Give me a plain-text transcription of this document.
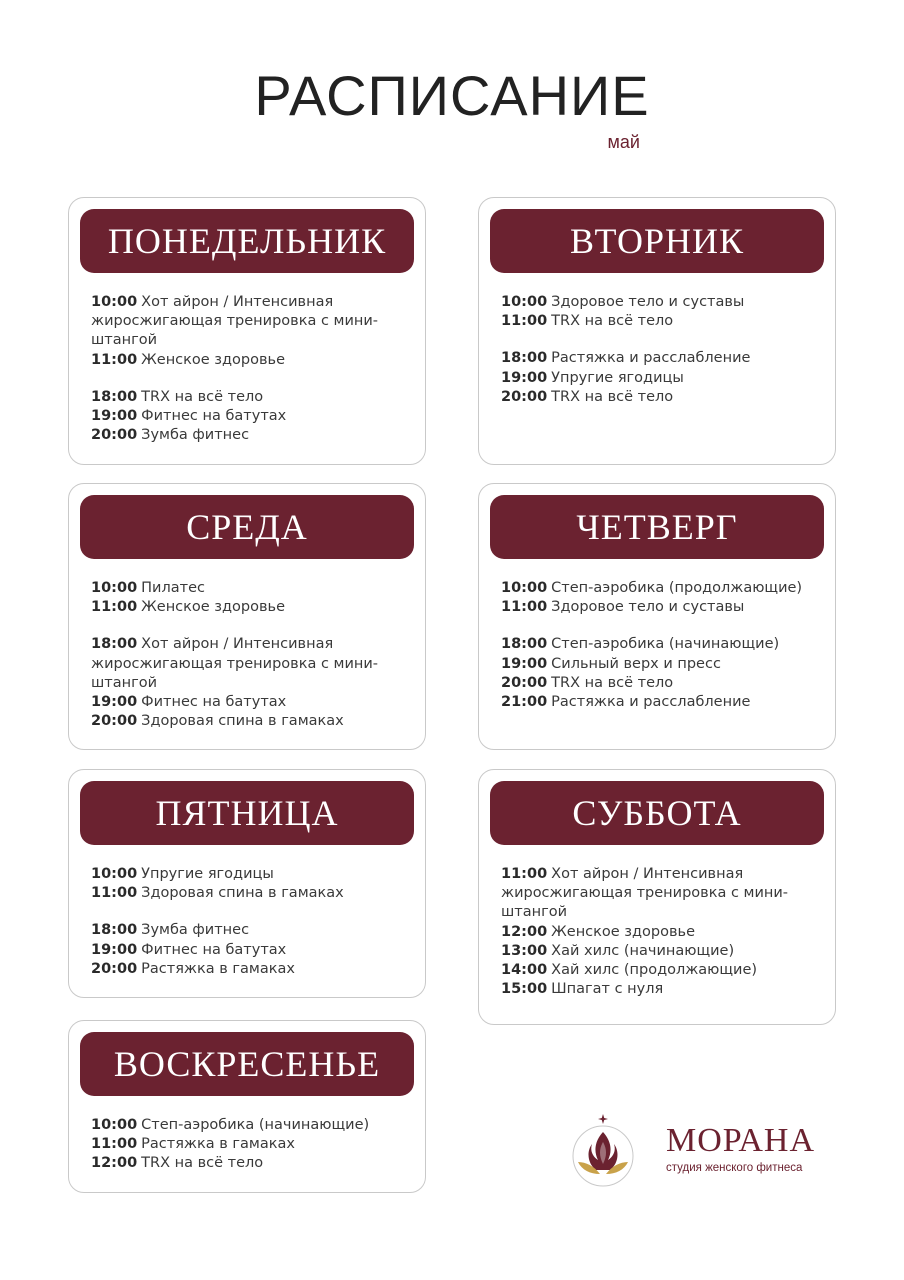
РАСПИСАНИЕ
май
ПОНЕДЕЛЬНИК
10:00 Хот айрон / Интенсивная
жиросжигающая тренировка с мини-
штангой
11:00 Женское здоровье
18:00 TRX на всё тело
19:00 Фитнес на батутах
20:00 Зумба фитнес
ВТОРНИК
10:00 Здоровое тело и суставы
11:00 TRX на всё тело
18:00 Растяжка и расслабление
19:00 Упругие ягодицы
20:00 TRX на всё тело
СРЕДА
10:00 Пилатес
11:00 Женское здоровье
18:00 Хот айрон / Интенсивная
жиросжигающая тренировка с мини-
штангой
19:00 Фитнес на батутах
20:00 Здоровая спина в гамаках
ЧЕТВЕРГ
10:00 Степ-аэробика (продолжающие)
11:00 Здоровое тело и суставы
18:00 Степ-аэробика (начинающие)
19:00 Сильный верх и пресс
20:00 TRX на всё тело
21:00 Растяжка и расслабление
ПЯТНИЦА
10:00 Упругие ягодицы
11:00 Здоровая спина в гамаках
18:00 Зумба фитнес
19:00 Фитнес на батутах
20:00 Растяжка в гамаках
СУББОТА
11:00 Хот айрон / Интенсивная
жиросжигающая тренировка с мини-
штангой
12:00 Женское здоровье
13:00 Хай хилс (начинающие)
14:00 Хай хилс (продолжающие)
15:00 Шпагат с нуля
ВОСКРЕСЕНЬЕ
10:00 Степ-аэробика (начинающие)
11:00 Растяжка в гамаках
12:00 TRX на всё тело
МОРАНА
студия женского фитнеса
